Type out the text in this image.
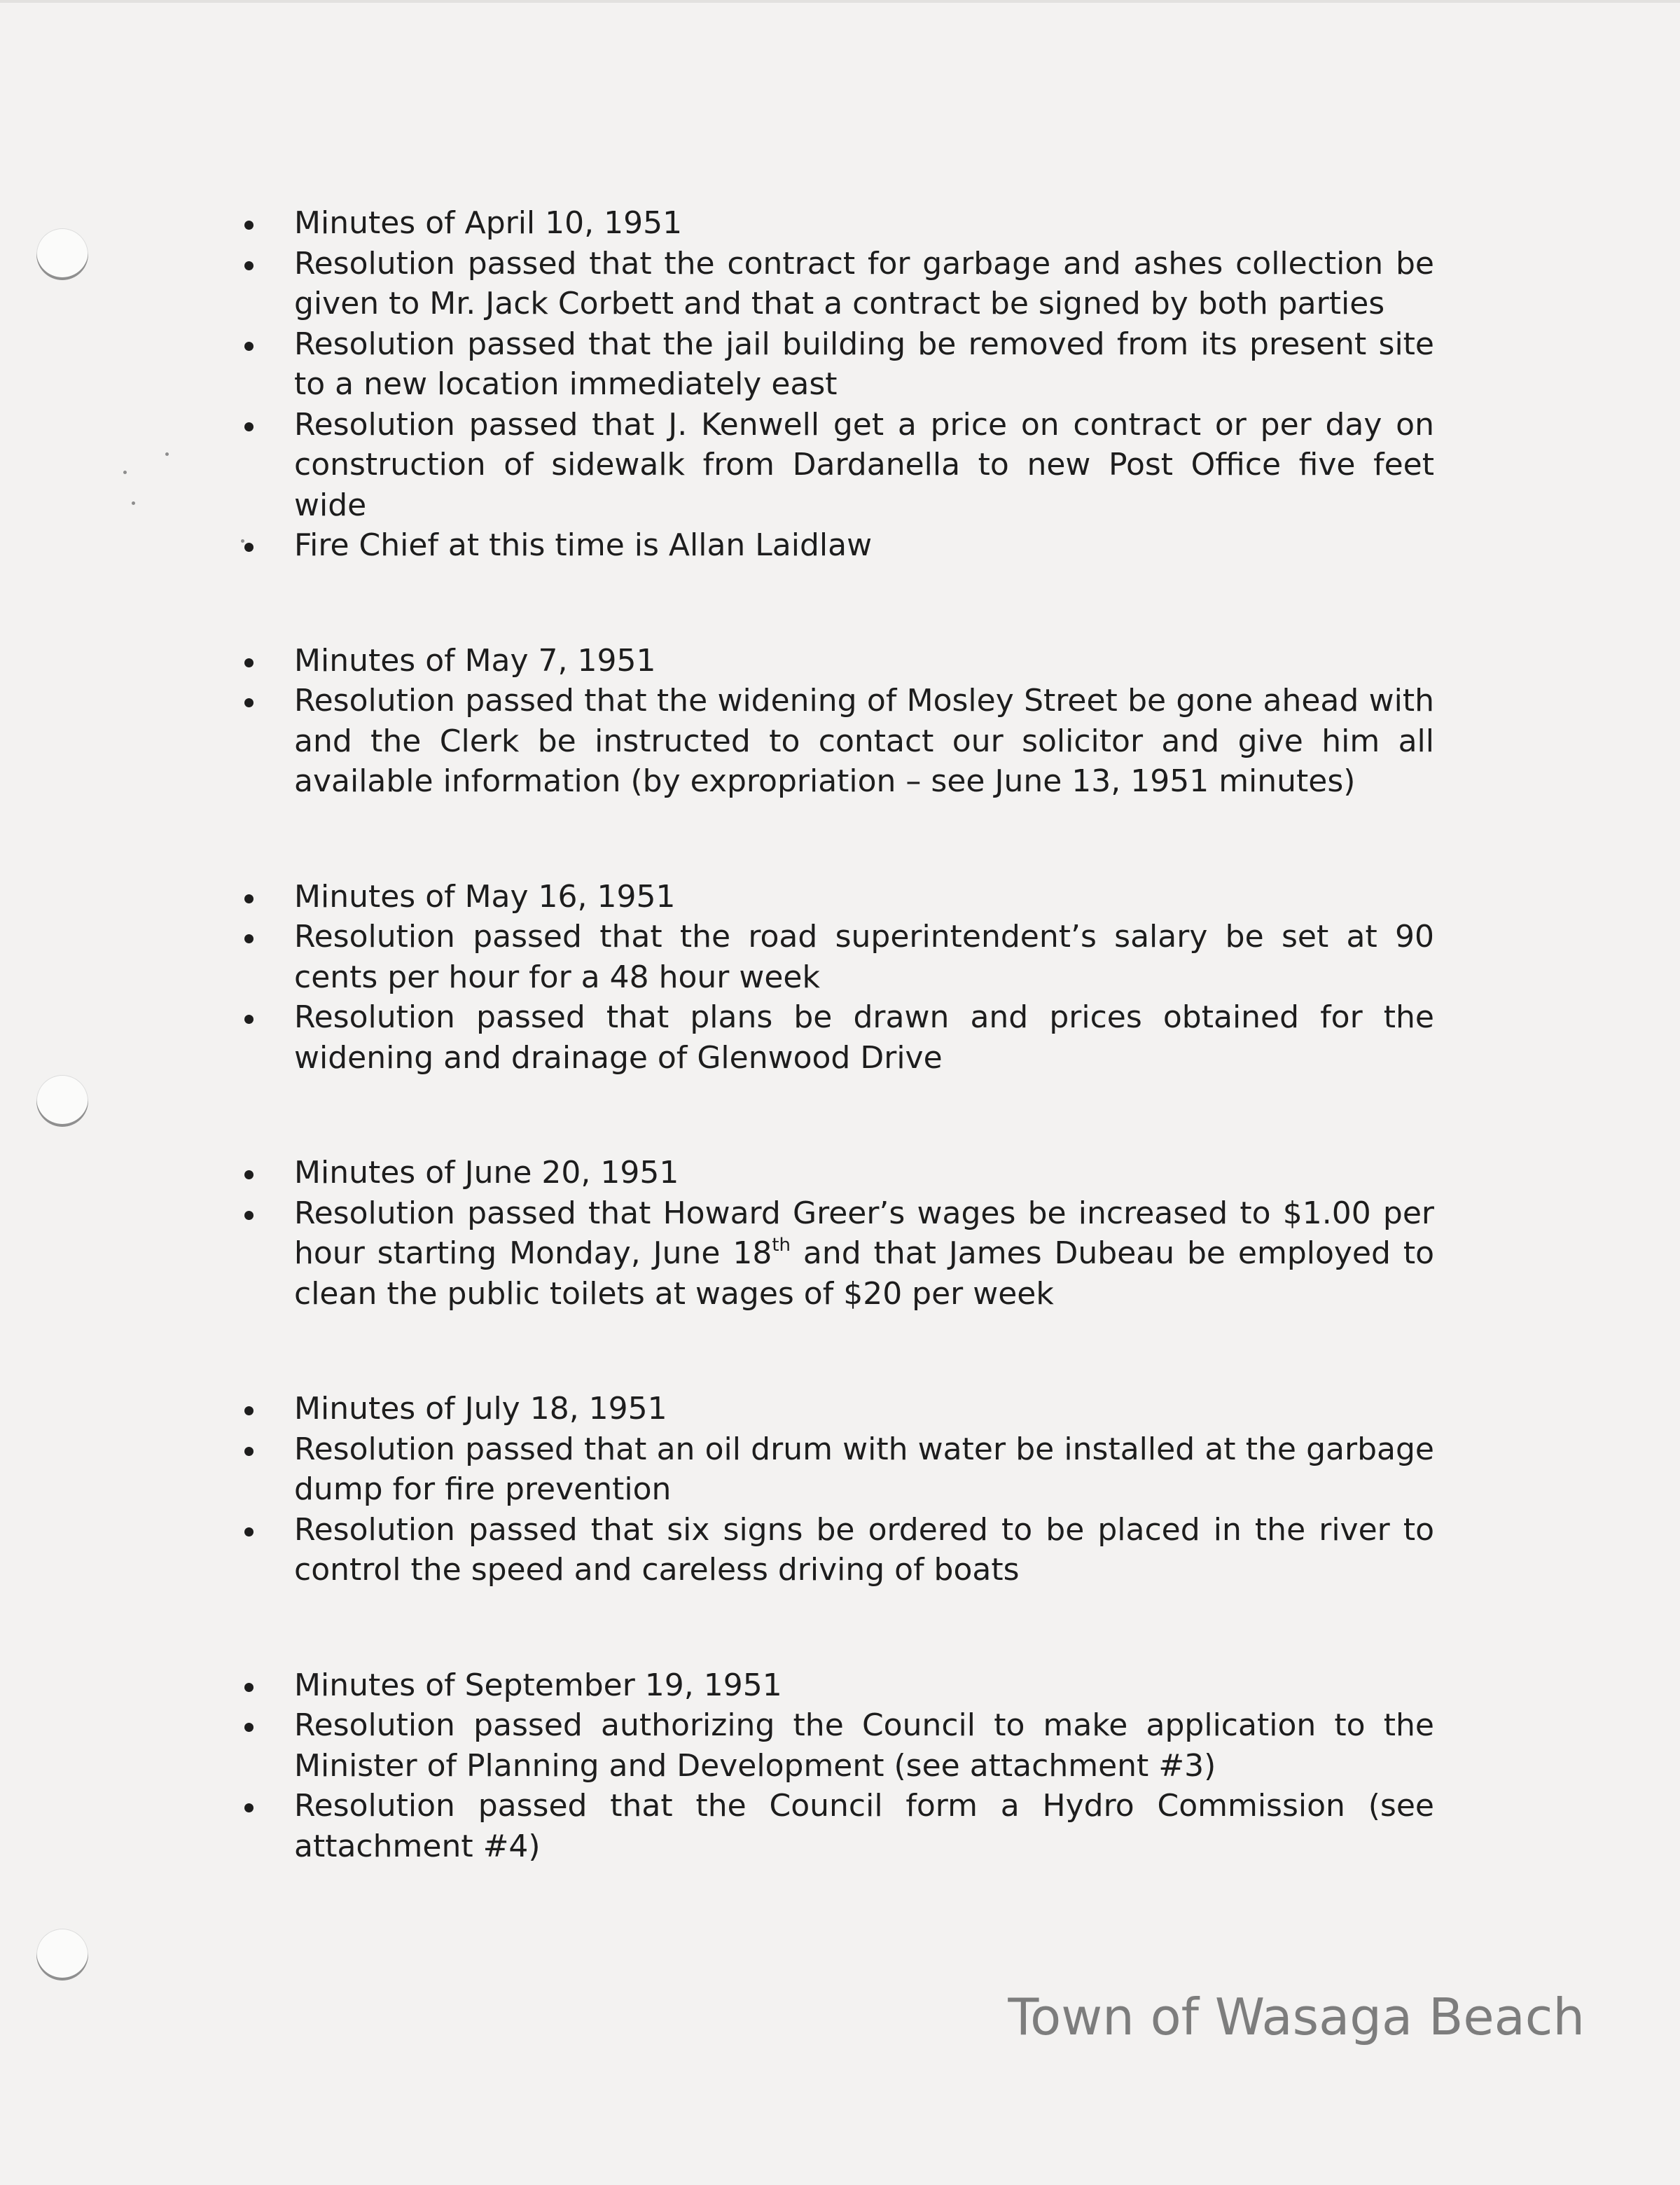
Minutes of April 10, 1951
Resolution passed that the contract for garbage and ashes collection be given to Mr. Jack Corbett and that a contract be signed by both parties
Resolution passed that the jail building be removed from its present site to a new location immediately east
Resolution passed that J. Kenwell get a price on contract or per day on construction of sidewalk from Dardanella to new Post Office five feet wide
Fire Chief at this time is Allan Laidlaw
Minutes of May 7, 1951
Resolution passed that the widening of Mosley Street be gone ahead with and the Clerk be instructed to contact our solicitor and give him all available information (by expropriation – see June 13, 1951 minutes)
Minutes of May 16, 1951
Resolution passed that the road superintendent’s salary be set at 90 cents per hour for a 48 hour week
Resolution passed that plans be drawn and prices obtained for the widening and drainage of Glenwood Drive
Minutes of June 20, 1951
Resolution passed that Howard Greer’s wages be increased to $1.00 per hour starting Monday, June 18th and that James Dubeau be employed to clean the public toilets at wages of $20 per week
Minutes of July 18, 1951
Resolution passed that an oil drum with water be installed at the garbage dump for fire prevention
Resolution passed that six signs be ordered to be placed in the river to control the speed and careless driving of boats
Minutes of September 19, 1951
Resolution passed authorizing the Council to make application to the Minister of Planning and Development (see attachment #3)
Resolution passed that the Council form a Hydro Commission (see attachment #4)
Town of Wasaga Beach
